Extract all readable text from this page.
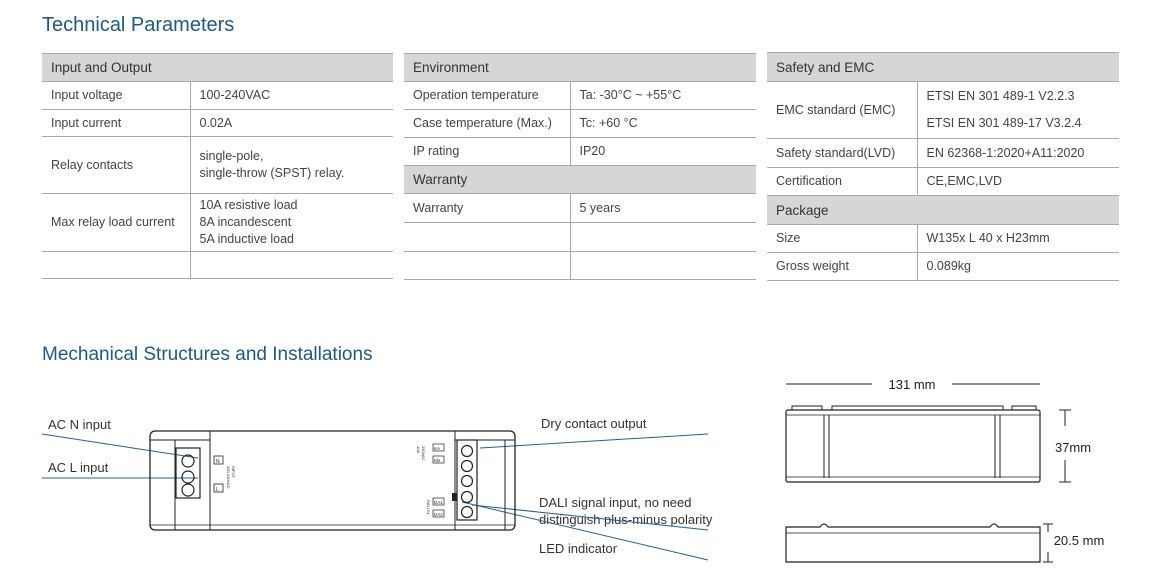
Technical Parameters
Input and Output	
Input voltage	100-240VAC
Input current	0.02A
Relay contacts	single-pole,
single-throw (SPST) relay.

Max relay load current	10A resistive load
8A incandescent
5A inductive load

Environment	
Operation temperature	Ta: -30°C ~ +55°C
Case temperature (Max.)	Tc: +60 °C
IP rating	IP20
Warranty	
Warranty	5 years

Safety and EMC	
EMC standard (EMC)	ETSI EN 301 489-1 V2.2.3
ETSI EN 301 489-17 V3.2.4

Safety standard(LVD)	EN 62368-1:2020+A11:2020
Certification	CE,EMC,LVD
Package	
Size	W135x L 40 x H23mm
Gross weight	0.089kg
Mechanical Structures and Installations
AC N input
AC L input
Dry contact output
DALI signal input, no need
distinguish plus-minus polarity
LED indicator
N
L
INPUT
100-240VAC
KA
KB
DA1
DA2
10A 250VAC
DALI IN
131 mm
37mm
20.5 mm
